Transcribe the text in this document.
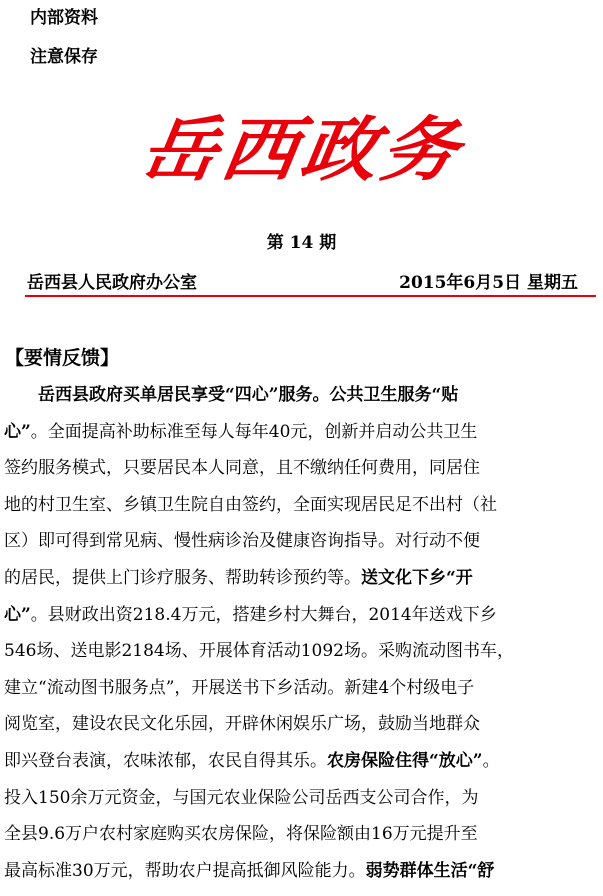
内部资料
注意保存
岳西政务
第 14 期
岳西县人民政府办公室	2015年6月5日 星期五
【要情反馈】
岳西县政府买单居民享受“四心”服务。公共卫生服务“贴
心”。全面提高补助标准至每人每年40元，创新并启动公共卫生
签约服务模式，只要居民本人同意，且不缴纳任何费用，同居住
地的村卫生室、乡镇卫生院自由签约，全面实现居民足不出村（社
区）即可得到常见病、慢性病诊治及健康咨询指导。对行动不便
的居民，提供上门诊疗服务、帮助转诊预约等。送文化下乡“开
心”。县财政出资218.4万元，搭建乡村大舞台，2014年送戏下乡
546场、送电影2184场、开展体育活动1092场。采购流动图书车，
建立“流动图书服务点”，开展送书下乡活动。新建4个村级电子
阅览室，建设农民文化乐园，开辟休闲娱乐广场，鼓励当地群众
即兴登台表演，农味浓郁，农民自得其乐。农房保险住得“放心”。
投入150余万元资金，与国元农业保险公司岳西支公司合作，为
全县9.6万户农村家庭购买农房保险，将保险额由16万元提升至
最高标准30万元，帮助农户提高抵御风险能力。弱势群体生活“舒
